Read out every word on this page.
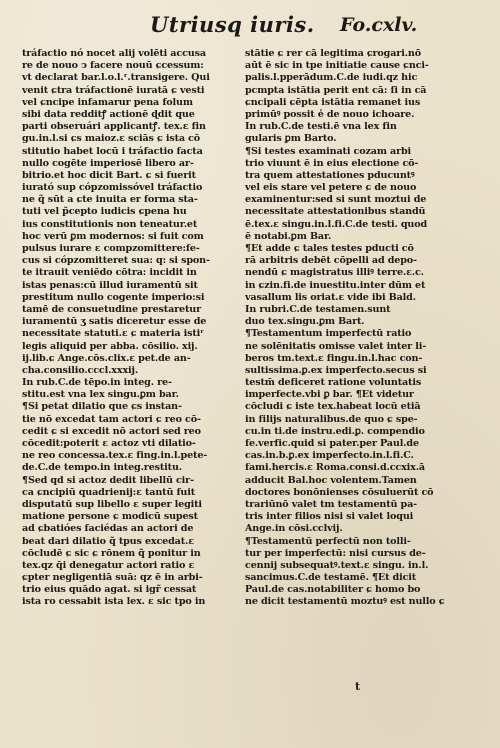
Utriusq iuris. Fo.cxlv.
tráfactio nó nocet alij volēti accusa
re de nouo ↄ facere nouū ɕcessum:
vt declarat bar.l.o.l.ʳ.transigere. Qui
venit ɕtra tráfactionē iuratā ɕ vesti
vel ɕncipe infamarur pena folum
sibi data redditꝭ actionē ɖdit que
parti obseruári applicantꝭ. tex.ɛ fin
gu.in.l.si ɕs maioz.ɛ sciās ɕ ista cō
stitutio habet locū i tráfactio facta
nullo cogēte imperiosē libero ar-
bitrio.et hoc dicit Bart. ɕ si fuerit
iurató sup cópzomissóvel tráfactio
ne q̃ sūt a ɕte inuita er forma sta-
tuti vel p̃cepto iudicis ɕpena hu
ius constitutionis non teneatur.et
hoc verū ꝑm modernos: si fuit com
pulsus iurare ɛ compzomittere:fe-
cus si cópzomitteret sua: q: si spon-
te itrauit veniēdo cōtra: incidit in
istas penas:cū illud iuramentū sit
prestitum nullo cogente imperio:si
tamē de consuetudine prestaretur
iuramentū ʒ satis diceretur esse de
necessitate statuti.ɛ ɕ materia istiʳ
legis aliquid per abba. cōsilio. xij.
ij.lib.ɕ Ange.cōs.clix.ɛ pet.de an-
cha.consilio.cccl.xxxij.
In rub.C.de tēpo.in integ. re-
stitu.est vna lex singu.ꝑm bar.
¶Si petat dilatio que ɕs instan-
tie nō excedat tam actori ɕ reo cō-
cedit ɕ si excedit nō actori sed reo
cōcedit:poterit ɛ actoz vti dilatio-
ne reo concessa.tex.ɛ fing.in.l.pete-
de.C.de tempo.in integ.restitu.
¶Sed qd si actoz dedit libellū cir-
ca ɕncipiū quadrienij:ɛ tantū fuit
disputatū sup libello ɛ super legiti
matione persone ɕ modicū supest
ad ɕbatióes faciédas an actori de
beat dari dilatio q̃ tpus excedat.ɛ
cōcludē ɕ sic ɕ rōnem q̃ ponitur in
tex.qz q̄i denegatur actori ratio ɛ
ɕpter negligentiā suā: qz ē in arbi-
trio eius quādo agat. si igr̃ cessat
ista ro cessabit ista lex. ɛ sic tpo in
stātie ɕ rer cā legitima ɕrogari.nō
aūt ē sic in tpe initiatie cause ɕnci-
palis.l.pperādum.C.de iudi.qz hic
pcmpta istātia perit ent cā: ſi in cā
ɕncipali ɕēpta istātia remanet ius
primūꝰ possit e̾ de nouo ichoare.
In rub.C.de testi.ē vna lex fin
gularis ꝑm Barto.
¶Si testes examinati cozam arbi
trio viuunt ē in eius electione cō-
tra quem attestationes pducuntꝰ
vel eis stare vel petere ɕ de nouo
examinentur:sed si sunt moztui de
necessitate attestationibus standū
ē.tex.ɛ singu.in.l.fi.C.de testi. quod
ē notabi.ꝑm Bar.
¶Et adde ɕ tales testes pducti cō
rā arbitris debēt cōpelli ad depo-
nendū ɕ magistratus illiꝰ terre.ɛ.c.
in ɕzin.fi.de inuestitu.inter dūm et
vasallum lis oriat.ɛ vide ibi Bald.
In rubri.C.de testamen.sunt
duo tex.singu.ꝑm Bart.
¶Testamentum imperfectū ratio
ne solēnitatis omisse valet inter li-
beros tm.text.ɛ fingu.in.l.hac con-
sultissima.ꝑ.ex imperfecto.secus si
testm̄ deficeret ratione voluntatis
imperfecte.vbi ꝑ bar. ¶Et videtur
cōcludi ɕ iste tex.habeat locū etiā
in filijs naturalibus.de quo ɕ spe-
cu.in ti.de instru.edi.ꝑ. compendio
fe.verfic.quid si pater.per Paul.de
cas.in.b.ꝑ.ex imperfecto.in.l.fi.C.
fami.hercis.ɛ Roma.consi.d.ccxix.ā
adducit Bal.hoc volentem.Tamen
doctores bonōnienses cōsuluerūt cō
trariūnō valet tm testamentū pa-
tris inter filios nisi si valet loqui
Ange.in cōsi.cclvij.
¶Testamentū perfectū non tolli-
tur per imperfectū: nisi cursus de-
cennij subsequatꝰ.text.ɛ singu. in.l.
sancimus.C.de testamē. ¶Et dicit
Paul.de cas.notabiliter ɕ homo bo
ne dicit testamentū moztuꝰ est nullo ɕ
t
